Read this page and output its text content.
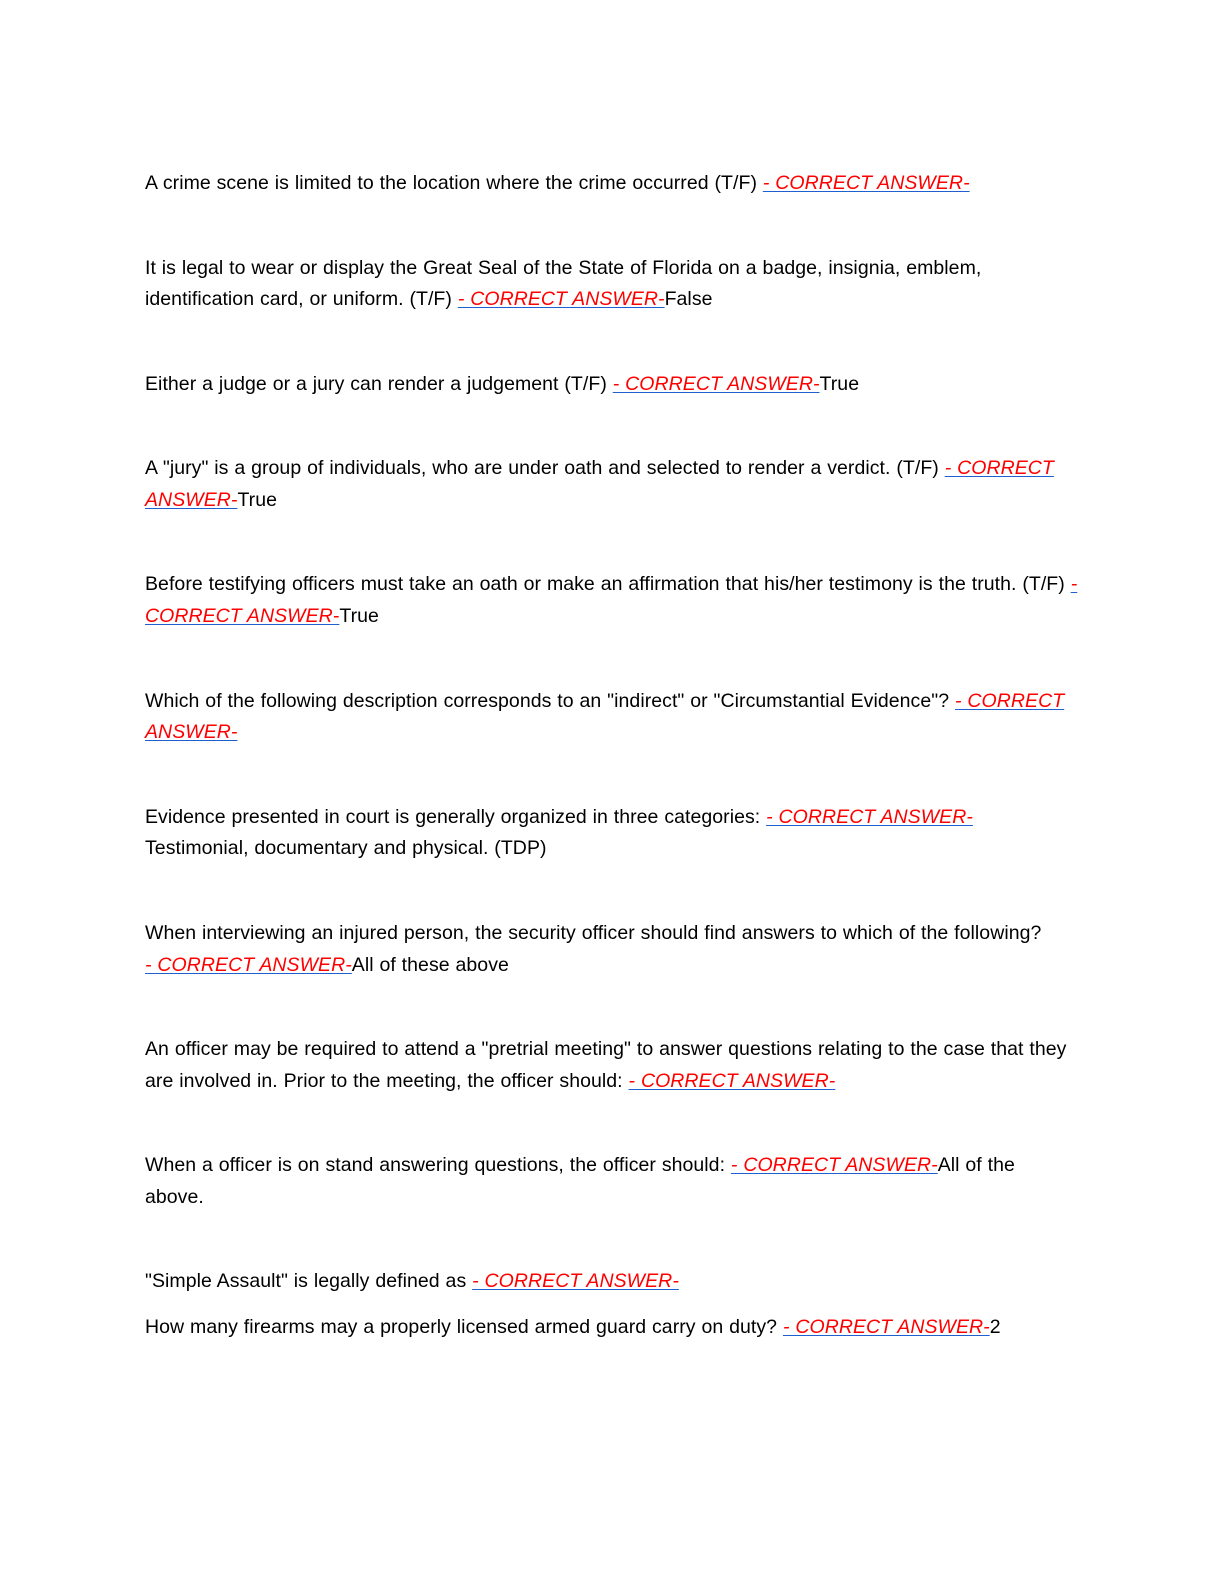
A crime scene is limited to the location where the crime occurred (T/F) - CORRECT ANSWER-

It is legal to wear or display the Great Seal of the State of Florida on a badge, insignia, emblem, identification card, or uniform. (T/F) - CORRECT ANSWER-False

Either a judge or a jury can render a judgement (T/F) - CORRECT ANSWER-True

A "jury" is a group of individuals, who are under oath and selected to render a verdict. (T/F) - CORRECT ANSWER-True

Before testifying officers must take an oath or make an affirmation that his/her testimony is the truth. (T/F) - CORRECT ANSWER-True

Which of the following description corresponds to an "indirect" or "Circumstantial Evidence"? - CORRECT ANSWER-

Evidence presented in court is generally organized in three categories: - CORRECT ANSWER-
Testimonial, documentary and physical. (TDP)

When interviewing an injured person, the security officer should find answers to which of the following?
- CORRECT ANSWER-All of these above

An officer may be required to attend a "pretrial meeting" to answer questions relating to the case that they are involved in. Prior to the meeting, the officer should: - CORRECT ANSWER-

When a officer is on stand answering questions, the officer should: - CORRECT ANSWER-All of the above.

"Simple Assault" is legally defined as - CORRECT ANSWER-

How many firearms may a properly licensed armed guard carry on duty? - CORRECT ANSWER-2
